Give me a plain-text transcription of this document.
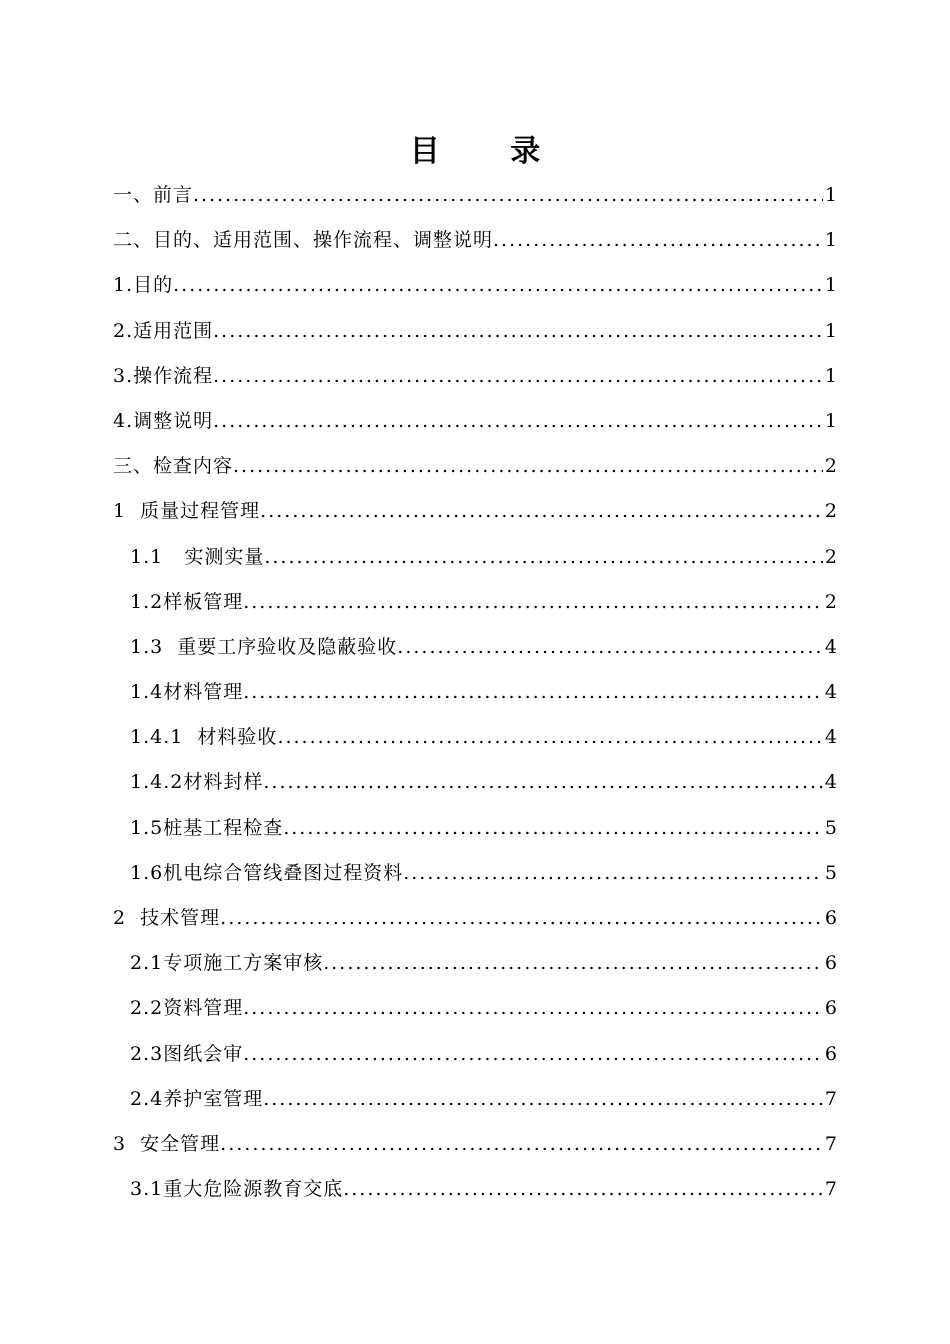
目 录
一、前言 .....	1
二、目的、适用范围、操作流程、调整说明 .....	1
1.目的 .....	1
2.适用范围 .....	1
3.操作流程 .....	1
4.调整说明 .....	1
三、检查内容 .....	2
1  质量过程管理 .....	2
1.1   实测实量 .....	2
1.2样板管理 .....	2
1.3  重要工序验收及隐蔽验收 .....	4
1.4材料管理 .....	4
1.4.1  材料验收 .....	4
1.4.2材料封样 .....	4
1.5桩基工程检查 .....	5
1.6机电综合管线叠图过程资料 .....	5
2  技术管理 .....	6
2.1专项施工方案审核 .....	6
2.2资料管理 .....	6
2.3图纸会审 .....	6
2.4养护室管理 .....	7
3  安全管理 .....	7
3.1重大危险源教育交底 .....	7
